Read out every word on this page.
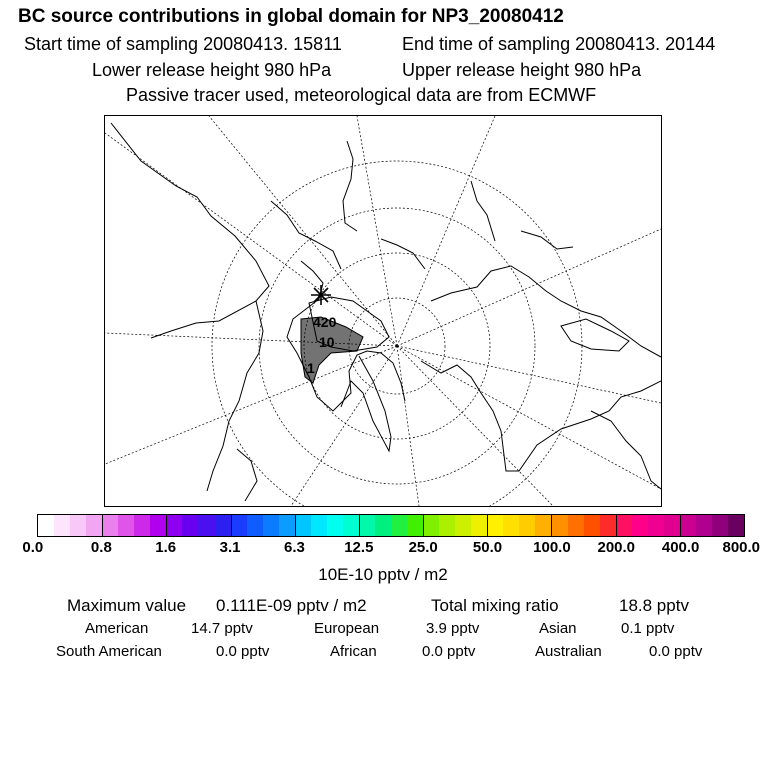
BC source contributions in global domain for NP3_20080412
Start time of sampling 20080413. 15811	End time of sampling 20080413. 20144
Lower release height 980 hPa	Upper release height 980 hPa
Passive tracer used, meteorological data are from ECMWF
420
10
1
0.0	0.8	1.6	3.1	6.3	12.5 25.0 50.0 100.0 200.0 400.0 800.0
10E-10 pptv / m2
Maximum value 0.111E-09 pptv / m2	Total mixing ratio	18.8 pptv
American	14.7 pptv	European	3.9 pptv	Asian	0.1 pptv
South American	0.0 pptv	African	0.0 pptv	Australian	0.0 pptv
